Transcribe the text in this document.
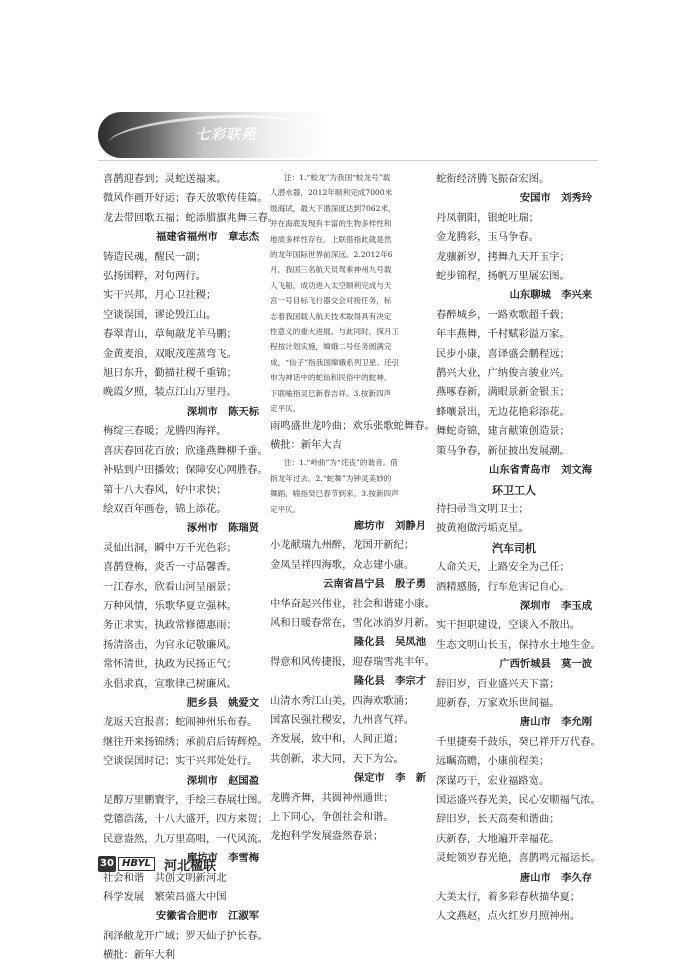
七彩联苑
喜鹊迎春到；灵蛇送福来。
微风作画开好运；春天放歌传佳篇。
龙去带回歌五福；蛇添腊旗兆舞三春。
福建省福州市　章志杰
铸造民魂，醒民一副；
弘扬国粹，对句两行。
实干兴邦，月心卫社稷；
空谈误国，谬论毁江山。
春翠青山，草甸敲龙羊马鹏；
金黄麦浪，双眠茂莲蒸弯飞。
旭日东升，勤描社稷千重锦；
晚霞夕照，装点江山万里丹。
深圳市　陈天标
梅绽三春暖；龙腾四海祥。
喜庆春回花百放；欣逢燕舞柳千垂。
补贴到户田播效；保障安心网胜春。
第十八大春风，好中求快；
绘双百年画卷，锦上添花。
涿州市　陈瑞贤
灵仙出洞，瞬中万千光色彩；
喜鹊登梅，炎舌一寸品馨香。
一江春水，欣看山河呈丽景；
万种风情，乐歌华夏立强林。
务正求实，执政常修德惠雨；
扬清洛击，为官永记敬廉风。
常怀清世，执政为民扬正气；
永倡求真，宣歌律己树廉风。
肥乡县　姚爱文
龙返天宫报喜；蛇闹神州乐布春。
继往开来扬锦绣；承前启后铸辉煌。
空谈误国时记；实干兴邦处处行。
深圳市　赵国盈
足醇万里鹏寰宇，手绘三春展壮图。
党德浩荡，十八大盛开，四方来贺；
民意盎然，九万里高唱，一代风流。
廊坊市　李雪梅
社会和谐　共创文明新河北
科学发展　繁荣昌盛大中国
安徽省合肥市　江淑军
润泽敝龙开广域；罗天仙子护长春。
横批：新年大利
注：1.“蛟龙”为我国“蛟龙号”载
人潜水器，2012年顺利完成7000米
级海试，最大下潜深度达到7062米，
并在海底发现有丰富的生物多样性和
地质多样性存在。上联借指此就是然
的龙年国际世界前深远。2.2012年6
月，我国三名航天员驾乘神州九号载
人飞船，成功进入太空顺利完成与天
宫一号目标飞行器交会对接任务，标
志着我国载人航天技术取得具有决定
性意义的重大进展。与此同时，探月工
程按计划实施，嫦娥二号任务圆满完
成，“仙子”指我国嫦娥系列卫星。还引
申为神话中的蛇仙和民俗中的蛇神。
下联喻指灵巳新春吉祥。3.按新四声
定平仄。
雨鸣盛世龙吟曲；欢乐张歌蛇舞春。
横批：新年大吉
注：1.“岭曲”为“诧丧”的谐音。借
指龙年过去。2.“蛇舞”为钟灵美妙的
舞蹈，喻指癸巳春节到来。3.按新四声
定平仄。
廊坊市　刘静月
小龙献瑞九州醉，龙国开新纪；
金凤呈祥四海歌，众志建小康。
云南省昌宁县　殷子勇
中华奋起兴伟业，社会和谐建小康。
风和日暖春常在，雪化冰消岁月新。
隆化县　吴凤池
得意和风传捷报，迎春瑞雪兆丰年。
隆化县　李宗才
山清水秀江山美，四海欢歌涌；
国富民强社稷安，九州喜气祥。
齐发展，致中和，人间正道；
共创新，求大同，天下为公。
保定市　李　新
龙腾齐舞，共圆神州通世；
上下同心，争创社会和谐。
龙抱科学发展盎然春景；
蛇衔经济腾飞振奋宏图。
安国市　刘秀玲
丹凤朝阳，银蛇吐瑞；
金龙腾彩，玉马争春。
龙骧新岁，拷舞九天开玉宇；
蛇步锦程，扬帆万里展宏图。
山东聊城　李兴来
春醉城乡，一路欢歌超千载；
年丰燕舞，千村赋彩溢万家。
民步小康，喜译盛会鹏程远；
鹊兴大业，广纳俊言骏业兴。
燕啄春新，满眼景新金银玉；
蜂嚷景出，无边花艳彩添花。
舞蛇奇锦，建言献策创造景；
策马争春，新征披出发展潮。
山东省青岛市　刘文海
环卫工人
持扫帚当文明卫士；
披黄袍做污垢克星。
汽车司机
人命关天，上路安全为己任；
酒精感肠，行车危害记自心。
深圳市　李玉成
实干担职建设，空谈入不散出。
生态文明山长玉，保持水土地生金。
广西忻城县　莫一波
辞旧岁，百业盛兴天下富；
迎新春，万家欢乐世间福。
唐山市　李允刚
千里捷奏千鼓乐，癸已祥开万代春。
远瞩高瞻，小康前程美；
深谋巧干，宏业福路宽。
国运盛兴春光美，民心安顺福气浓。
辞旧岁，长天高奏和谐曲；
庆新春，大地遍开幸福花。
灵蛇领岁春光艳，喜鹊鸣元福运长。
唐山市　李久存
大美太行，着多彩春秋描华夏；
人文燕赵，点火红岁月照神州。
30 HBYL 河北楹联
